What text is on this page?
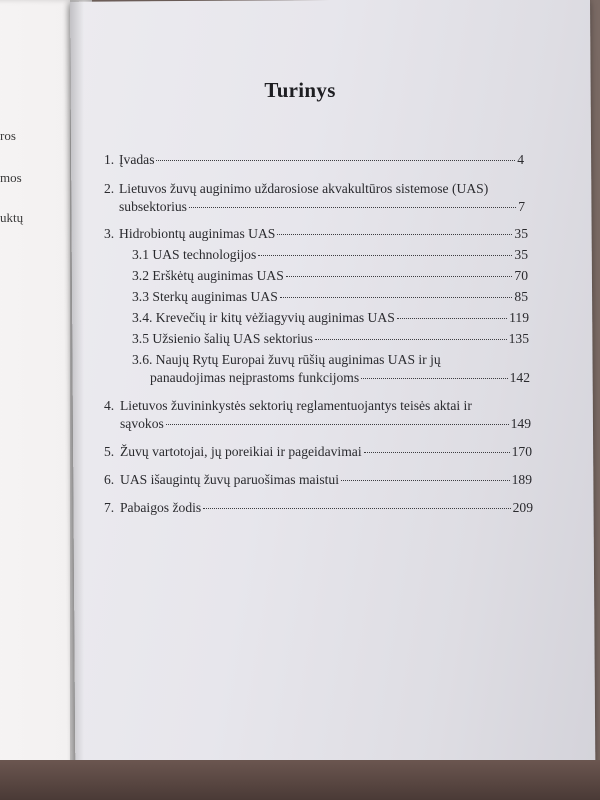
ros
mos
uktų
Turinys
1. Įvadas	4
2. Lietuvos žuvų auginimo uždarosiose akvakultūros sistemose (UAS)
subsektorius	7
3. Hidrobiontų auginimas UAS	35
3.1 UAS technologijos	35
3.2 Erškėtų auginimas UAS	70
3.3 Sterkų auginimas UAS	85
3.4. Krevečių ir kitų vėžiagyvių auginimas UAS	119
3.5 Užsienio šalių UAS sektorius	135
3.6. Naujų Rytų Europai žuvų rūšių auginimas UAS ir jų
panaudojimas neįprastoms funkcijoms	142
4. Lietuvos žuvininkystės sektorių reglamentuojantys teisės aktai ir
sąvokos	149
5. Žuvų vartotojai, jų poreikiai ir pageidavimai	170
6. UAS išaugintų žuvų paruošimas maistui	189
7. Pabaigos žodis	209
